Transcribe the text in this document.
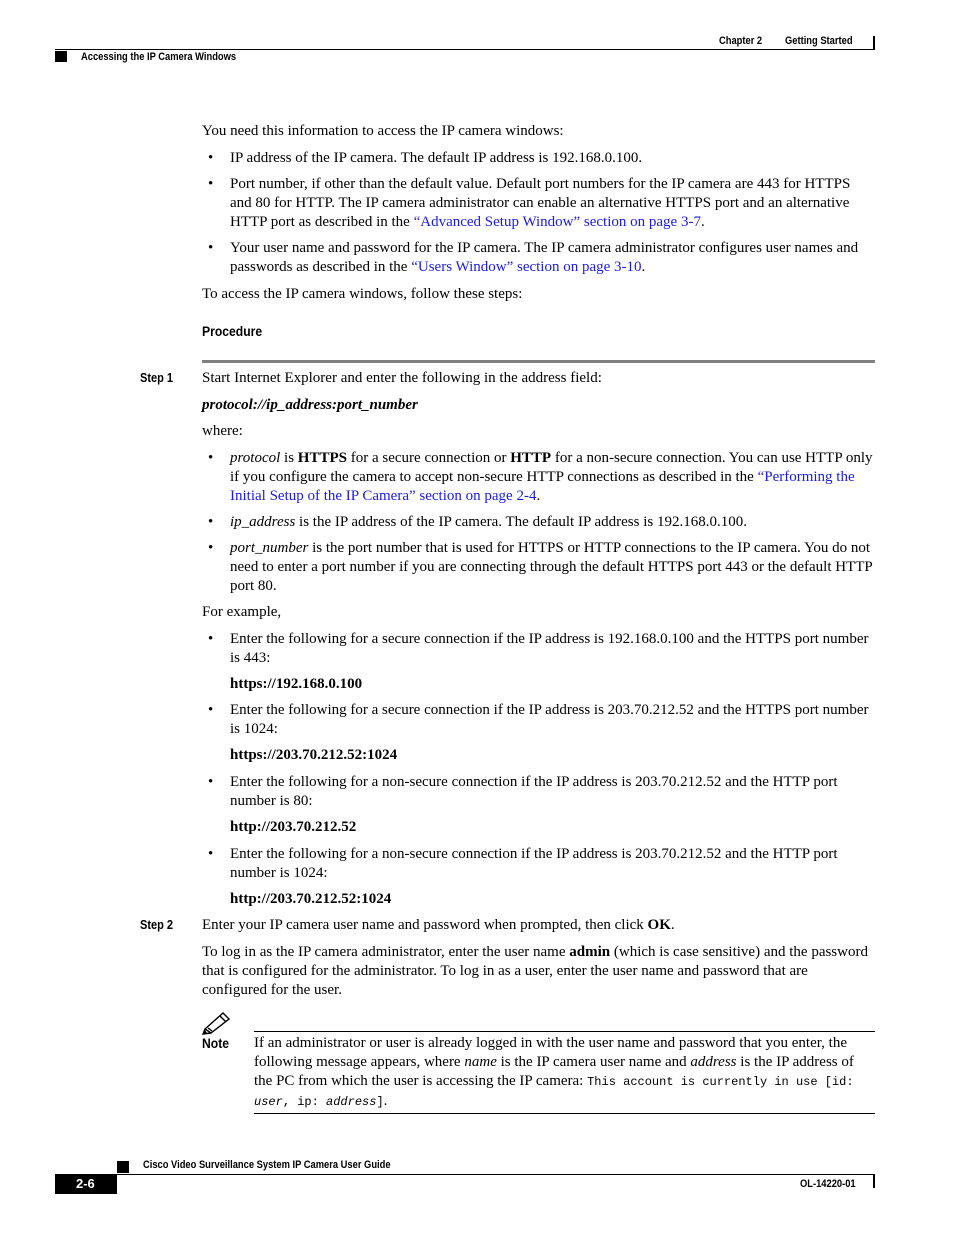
Chapter 2 Getting Started
Accessing the IP Camera Windows
You need this information to access the IP camera windows:
• IP address of the IP camera. The default IP address is 192.168.0.100.
• Port number, if other than the default value. Default port numbers for the IP camera are 443 for HTTPS and 80 for HTTP. The IP camera administrator can enable an alternative HTTPS port and an alternative HTTP port as described in the “Advanced Setup Window” section on page 3-7.
• Your user name and password for the IP camera. The IP camera administrator configures user names and passwords as described in the “Users Window” section on page 3-10.
To access the IP camera windows, follow these steps:
Procedure
Step 1 Start Internet Explorer and enter the following in the address field:
protocol://ip_address:port_number
where:
• protocol is HTTPS for a secure connection or HTTP for a non-secure connection. You can use HTTP only if you configure the camera to accept non-secure HTTP connections as described in the “Performing the Initial Setup of the IP Camera” section on page 2-4.
• ip_address is the IP address of the IP camera. The default IP address is 192.168.0.100.
• port_number is the port number that is used for HTTPS or HTTP connections to the IP camera. You do not need to enter a port number if you are connecting through the default HTTPS port 443 or the default HTTP port 80.
For example,
• Enter the following for a secure connection if the IP address is 192.168.0.100 and the HTTPS port number is 443:
https://192.168.0.100
• Enter the following for a secure connection if the IP address is 203.70.212.52 and the HTTPS port number is 1024:
https://203.70.212.52:1024
• Enter the following for a non-secure connection if the IP address is 203.70.212.52 and the HTTP port number is 80:
http://203.70.212.52
• Enter the following for a non-secure connection if the IP address is 203.70.212.52 and the HTTP port number is 1024:
http://203.70.212.52:1024
Step 2 Enter your IP camera user name and password when prompted, then click OK.
To log in as the IP camera administrator, enter the user name admin (which is case sensitive) and the password that is configured for the administrator. To log in as a user, enter the user name and password that are configured for the user.
Note If an administrator or user is already logged in with the user name and password that you enter, the following message appears, where name is the IP camera user name and address is the IP address of the PC from which the user is accessing the IP camera: This account is currently in use [id: user, ip: address].
Cisco Video Surveillance System IP Camera User Guide
2-6	OL-14220-01
